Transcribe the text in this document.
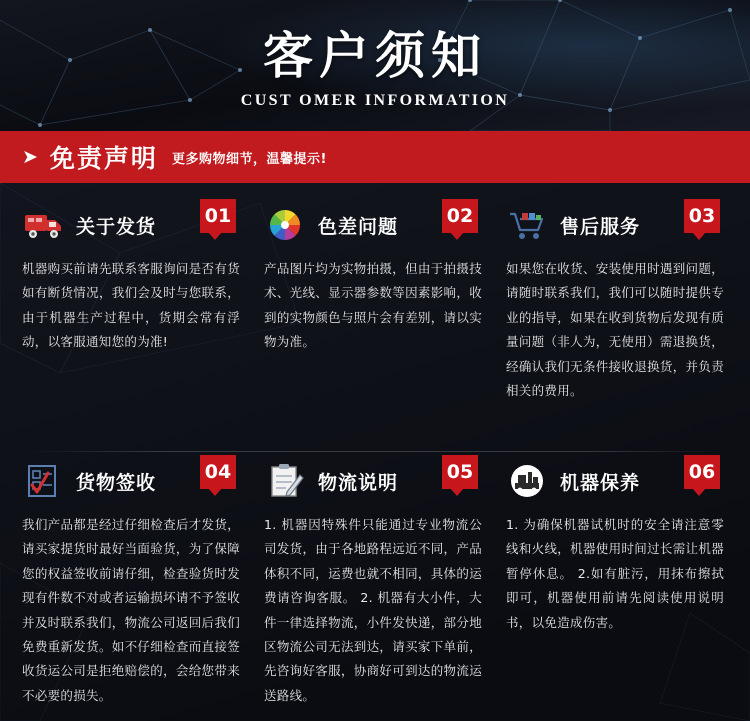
客户须知
CUST OMER INFORMATION
➤ 免责声明 更多购物细节，温馨提示!
关于发货	01
机器购买前请先联系客服询问是否有货如有断货情况，我们会及时与您联系，由于机器生产过程中，货期会常有浮动，以客服通知您的为准!
色差问题	02
产品图片均为实物拍摄，但由于拍摄技术、光线、显示器参数等因素影响，收到的实物颜色与照片会有差别，请以实物为准。
售后服务	03
如果您在收货、安装使用时遇到问题，请随时联系我们，我们可以随时提供专业的指导，如果在收到货物后发现有质量问题（非人为，无使用）需退换货，经确认我们无条件接收退换货，并负责相关的费用。
货物签收	04
我们产品都是经过仔细检查后才发货，请买家提货时最好当面验货，为了保障您的权益签收前请仔细，检查验货时发现有件数不对或者运输损坏请不予签收并及时联系我们，物流公司返回后我们免费重新发货。如不仔细检查而直接签收货运公司是拒绝赔偿的，会给您带来不必要的损失。
物流说明	05
1. 机器因特殊件只能通过专业物流公司发货，由于各地路程远近不同，产品体积不同，运费也就不相同，具体的运费请咨询客服。 2. 机器有大小件，大件一律选择物流，小件发快递，部分地区物流公司无法到达，请买家下单前，先咨询好客服，协商好可到达的物流运送路线。
机器保养	06
1. 为确保机器试机时的安全请注意零线和火线，机器使用时间过长需让机器暂停休息。 2.如有脏污，用抹布擦拭即可，机器使用前请先阅读使用说明书，以免造成伤害。
